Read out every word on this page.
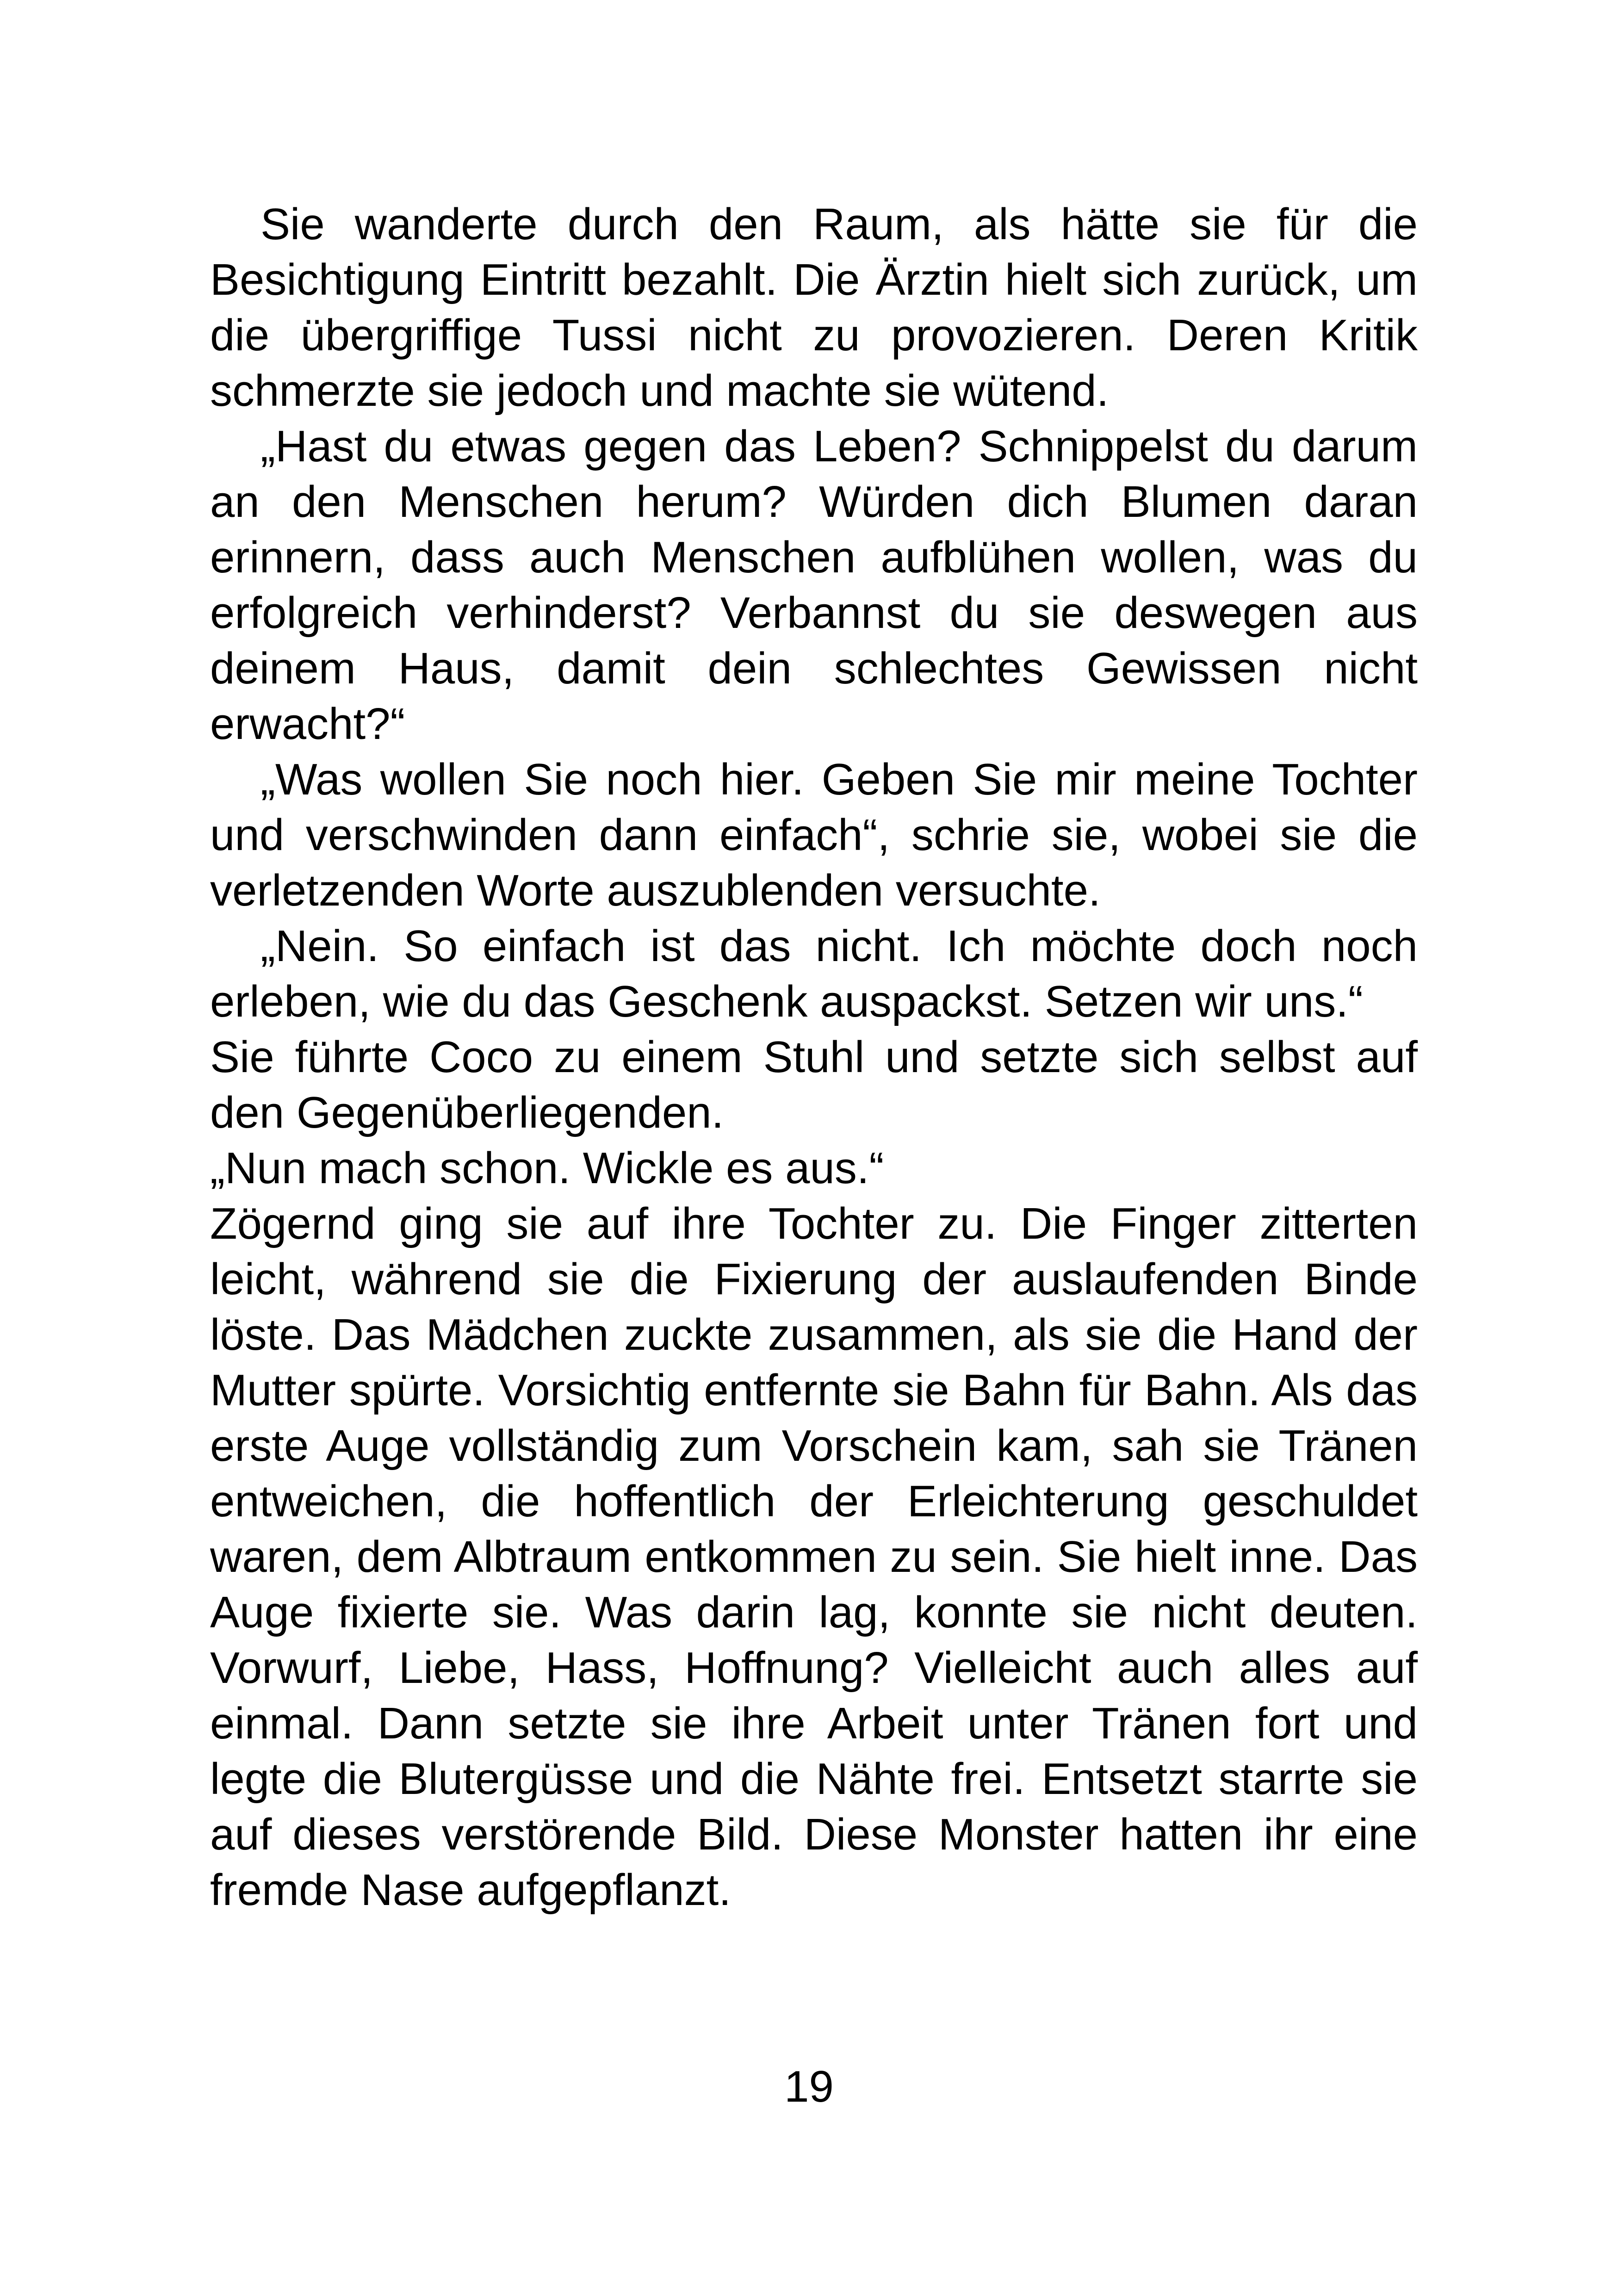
Sie wanderte durch den Raum, als hätte sie für die Besichtigung Eintritt bezahlt. Die Ärztin hielt sich zurück, um die übergriffige Tussi nicht zu provozieren. Deren Kritik schmerzte sie jedoch und machte sie wütend.

„Hast du etwas gegen das Leben? Schnippelst du darum an den Menschen herum? Würden dich Blumen daran erinnern, dass auch Menschen aufblühen wollen, was du erfolgreich verhinderst? Verbannst du sie deswegen aus deinem Haus, damit dein schlechtes Gewissen nicht erwacht?“

„Was wollen Sie noch hier. Geben Sie mir meine Tochter und verschwinden dann einfach“, schrie sie, wobei sie die verletzenden Worte auszublenden versuchte.

„Nein. So einfach ist das nicht. Ich möchte doch noch erleben, wie du das Geschenk auspackst. Setzen wir uns.“

Sie führte Coco zu einem Stuhl und setzte sich selbst auf den Gegenüberliegenden.

„Nun mach schon. Wickle es aus.“

Zögernd ging sie auf ihre Tochter zu. Die Finger zitterten leicht, während sie die Fixierung der auslaufenden Binde löste. Das Mädchen zuckte zusammen, als sie die Hand der Mutter spürte. Vorsichtig entfernte sie Bahn für Bahn. Als das erste Auge vollständig zum Vorschein kam, sah sie Tränen entweichen, die hoffentlich der Erleichterung geschuldet waren, dem Albtraum entkommen zu sein. Sie hielt inne. Das Auge fixierte sie. Was darin lag, konnte sie nicht deuten. Vorwurf, Liebe, Hass, Hoffnung? Vielleicht auch alles auf einmal. Dann setzte sie ihre Arbeit unter Tränen fort und legte die Blutergüsse und die Nähte frei. Entsetzt starrte sie auf dieses verstörende Bild. Diese Monster hatten ihr eine fremde Nase aufgepflanzt.

19
